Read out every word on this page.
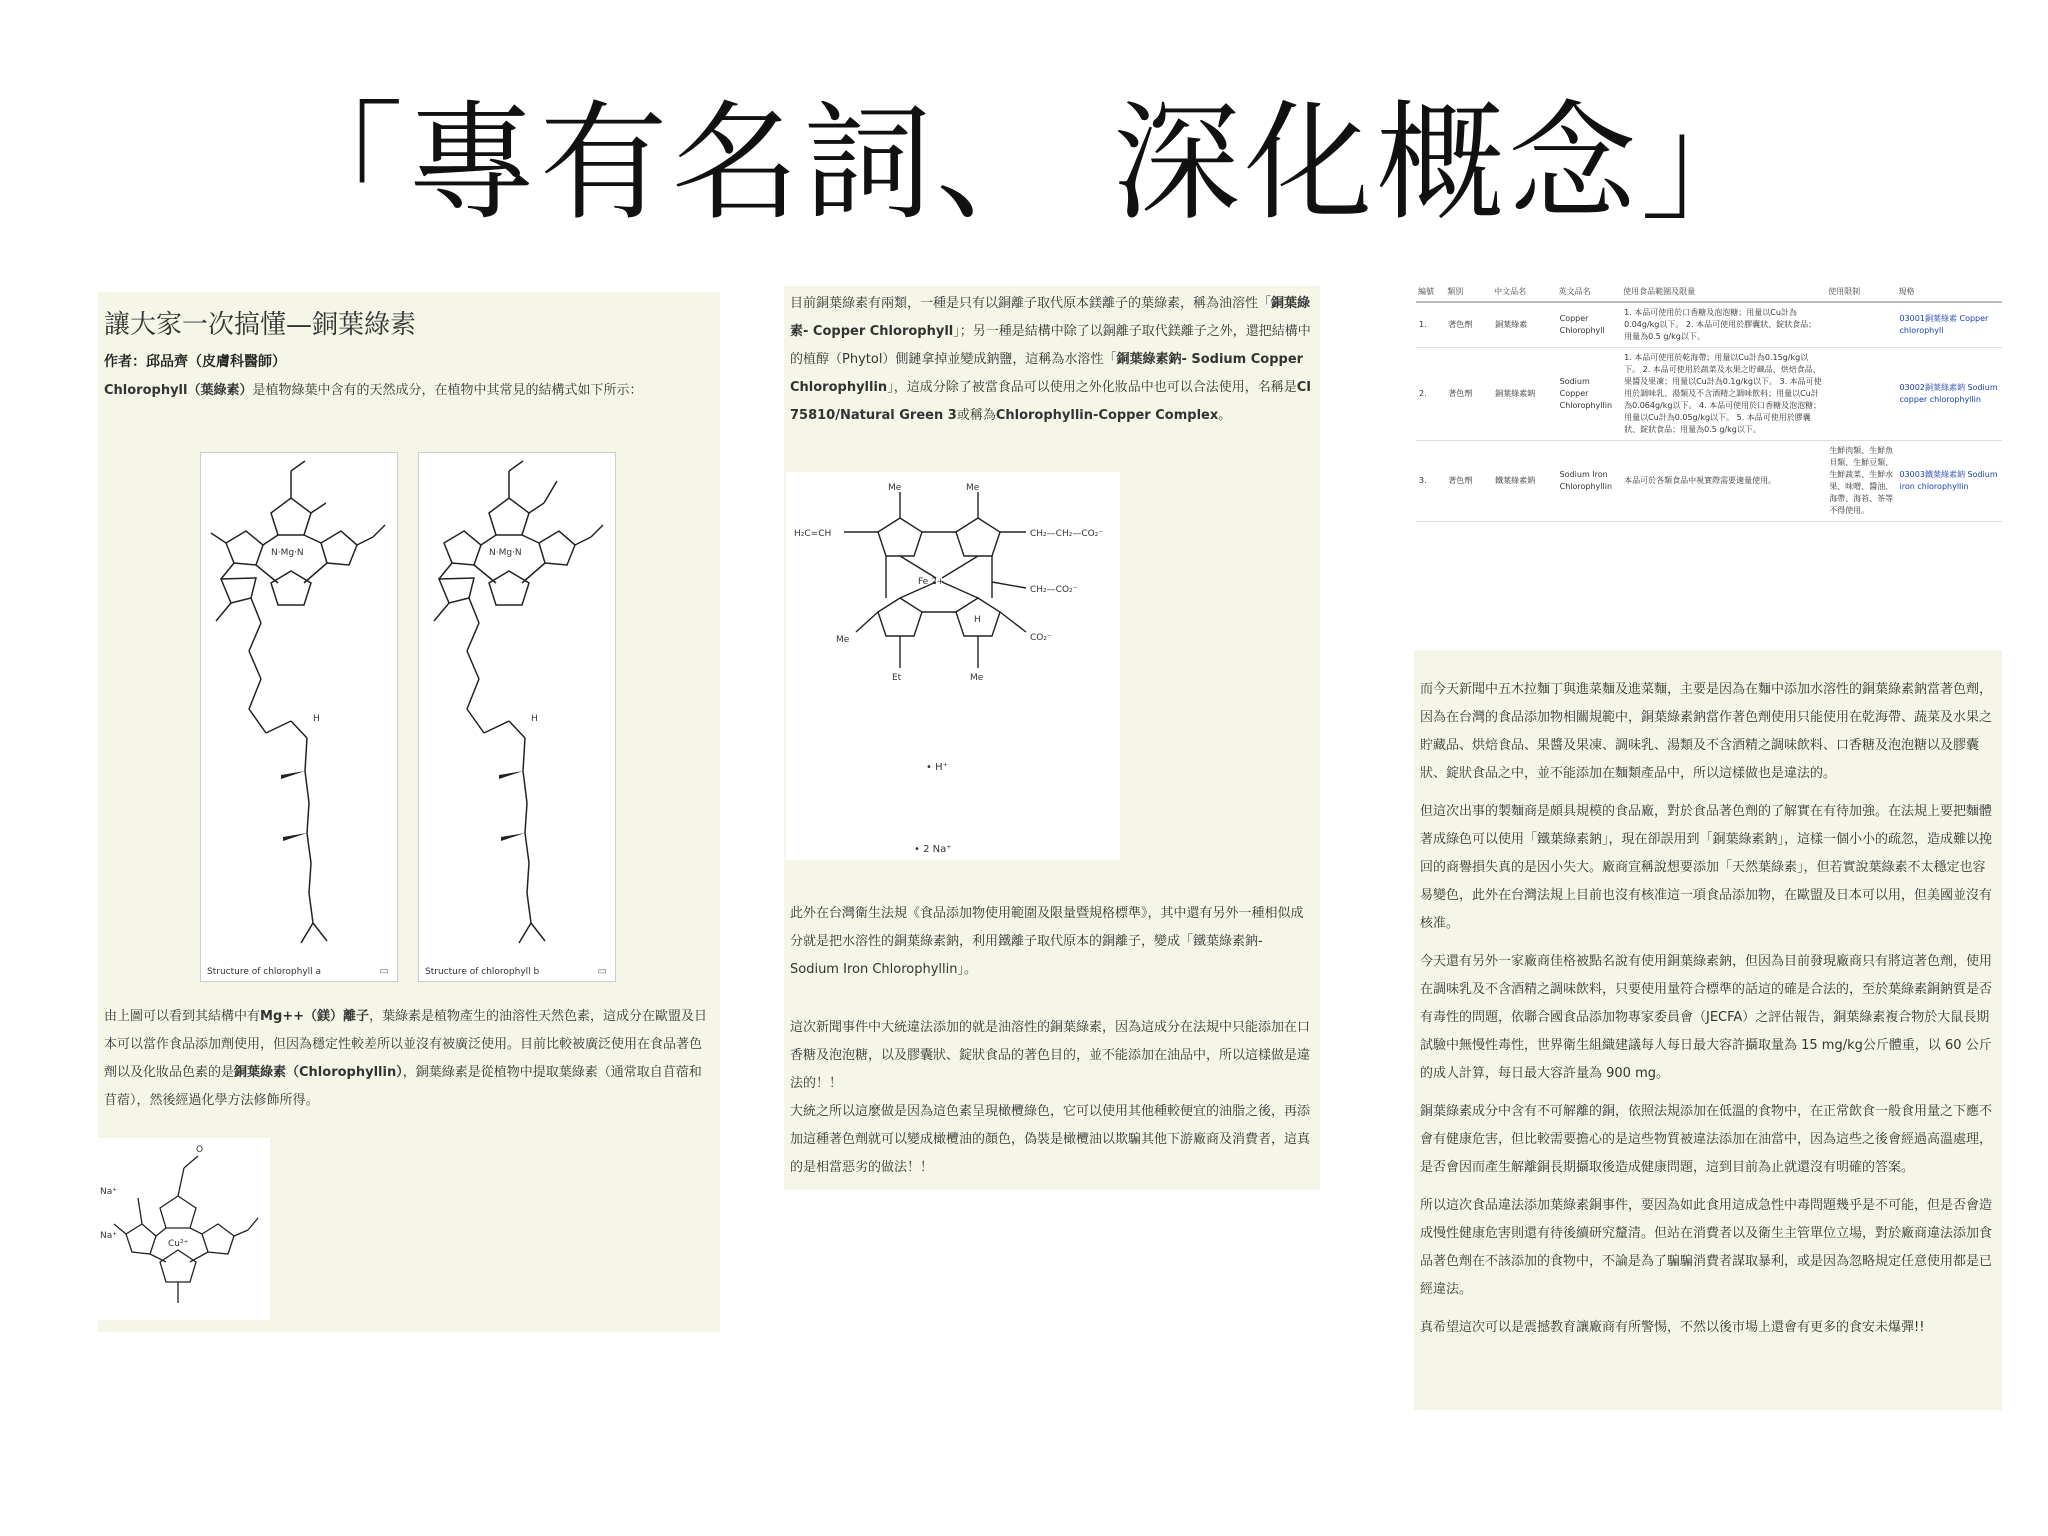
「專有名詞、 深化概念」
讓大家一次搞懂—銅葉綠素
作者：邱品齊（皮膚科醫師）
Chlorophyll（葉綠素）是植物綠葉中含有的天然成分，在植物中其常見的結構式如下所示：
N·Mg·N
H
Structure of chlorophyll a	▭
N·Mg·N
H
Structure of chlorophyll b	▭
由上圖可以看到其結構中有Mg++（鎂）離子，葉綠素是植物產生的油溶性天然色素，這成分在歐盟及日本可以當作食品添加劑使用，但因為穩定性較差所以並沒有被廣泛使用。目前比較被廣泛使用在食品著色劑以及化妝品色素的是銅葉綠素（Chlorophyllin），銅葉綠素是從植物中提取葉綠素（通常取自苜蓿和苜蓿），然後經過化學方法修飾所得。
O
Na⁺
Na⁺
Cu²⁺
目前銅葉綠素有兩類，一種是只有以銅離子取代原本鎂離子的葉綠素，稱為油溶性「銅葉綠素- Copper Chlorophyll」；另一種是結構中除了以銅離子取代鎂離子之外，還把結構中的植醇（Phytol）側鏈拿掉並變成鈉鹽，這稱為水溶性「銅葉綠素鈉- Sodium Copper Chlorophyllin」，這成分除了被當食品可以使用之外化妝品中也可以合法使用，名稱是CI 75810/Natural Green 3或稱為Chlorophyllin-Copper Complex。
Me	Me
H₂C=CH	CH₂—CH₂—CO₂⁻
Fe 2+
CH₂—CO₂⁻
Me	CO₂⁻
Me
Et
H
• H⁺
• 2 Na⁺
此外在台灣衛生法規《食品添加物使用範圍及限量暨規格標準》，其中還有另外一種相似成分就是把水溶性的銅葉綠素鈉，利用鐵離子取代原本的銅離子，變成「鐵葉綠素鈉- Sodium Iron Chlorophyllin」。
這次新聞事件中大統違法添加的就是油溶性的銅葉綠素，因為這成分在法規中只能添加在口香糖及泡泡糖，以及膠囊狀、錠狀食品的著色目的，並不能添加在油品中，所以這樣做是違法的！！
大統之所以這麼做是因為這色素呈現橄欖綠色，它可以使用其他種較便宜的油脂之後，再添加這種著色劑就可以變成橄欖油的顏色，偽裝是橄欖油以欺騙其他下游廠商及消費者，這真的是相當惡劣的做法！！
編號	類別	中文品名	英文品名	使用食品範圍及限量	使用限制	規格
1.	著色劑	銅葉綠素	Copper Chlorophyll	1. 本品可使用於口香糖及泡泡糖；用量以Cu計為0.04g/kg以下。 2. 本品可使用於膠囊狀、錠狀食品；用量為0.5 g/kg以下。		03001銅葉綠素 Copper chlorophyll
2.	著色劑	銅葉綠素鈉	Sodium Copper Chlorophyllin	1. 本品可使用於乾海帶；用量以Cu計為0.15g/kg以下。 2. 本品可使用於蔬菜及水果之貯藏品、烘焙食品、果醬及果凍；用量以Cu計為0.1g/kg以下。 3. 本品可使用於調味乳、湯類及不含酒精之調味飲料；用量以Cu計為0.064g/kg以下。 4. 本品可使用於口香糖及泡泡糖；用量以Cu計為0.05g/kg以下。 5. 本品可使用於膠囊狀、錠狀食品；用量為0.5 g/kg以下。		03002銅葉綠素鈉 Sodium copper chlorophyllin
3.	著色劑	鐵葉綠素鈉	Sodium Iron Chlorophyllin	本品可於各類食品中視實際需要適量使用。	生鮮肉類、生鮮魚貝類、生鮮豆類、生鮮蔬菜、生鮮水果、味噌、醬油、海帶、海苔、茶等不得使用。	03003鐵葉綠素鈉 Sodium iron chlorophyllin
而今天新聞中五木拉麵丁與進菜麵及進菜麵，主要是因為在麵中添加水溶性的銅葉綠素鈉當著色劑，因為在台灣的食品添加物相關規範中，銅葉綠素鈉當作著色劑使用只能使用在乾海帶、蔬菜及水果之貯藏品、烘焙食品、果醬及果凍、調味乳、湯類及不含酒精之調味飲料、口香糖及泡泡糖以及膠囊狀、錠狀食品之中，並不能添加在麵類產品中，所以這樣做也是違法的。
但這次出事的製麵商是頗具規模的食品廠，對於食品著色劑的了解實在有待加強。在法規上要把麵體著成綠色可以使用「鐵葉綠素鈉」，現在卻誤用到「銅葉綠素鈉」，這樣一個小小的疏忽，造成難以挽回的商譽損失真的是因小失大。廠商宣稱說想要添加「天然葉綠素」，但若實說葉綠素不太穩定也容易變色，此外在台灣法規上目前也沒有核准這一項食品添加物，在歐盟及日本可以用，但美國並沒有核准。
今天還有另外一家廠商佳格被點名說有使用銅葉綠素鈉，但因為目前發現廠商只有將這著色劑，使用在調味乳及不含酒精之調味飲料，只要使用量符合標準的話這的確是合法的，至於葉綠素銅鈉質是否有毒性的問題，依聯合國食品添加物專家委員會（JECFA）之評估報告，銅葉綠素複合物於大鼠長期試驗中無慢性毒性，世界衛生組織建議每人每日最大容許攝取量為 15 mg/kg公斤體重，以 60 公斤的成人計算，每日最大容許量為 900 mg。
銅葉綠素成分中含有不可解離的銅，依照法規添加在低溫的食物中，在正常飲食一般食用量之下應不會有健康危害，但比較需要擔心的是這些物質被違法添加在油當中，因為這些之後會經過高溫處理，是否會因而產生解離銅長期攝取後造成健康問題，這到目前為止就還沒有明確的答案。
所以這次食品違法添加葉綠素銅事件，要因為如此食用這成急性中毒問題幾乎是不可能，但是否會造成慢性健康危害則還有待後續研究釐清。但站在消費者以及衛生主管單位立場，對於廠商違法添加食品著色劑在不該添加的食物中，不論是為了騙騙消費者謀取暴利，或是因為忽略規定任意使用都是已經違法。
真希望這次可以是震撼教育讓廠商有所警惕，不然以後市場上還會有更多的食安未爆彈!!
